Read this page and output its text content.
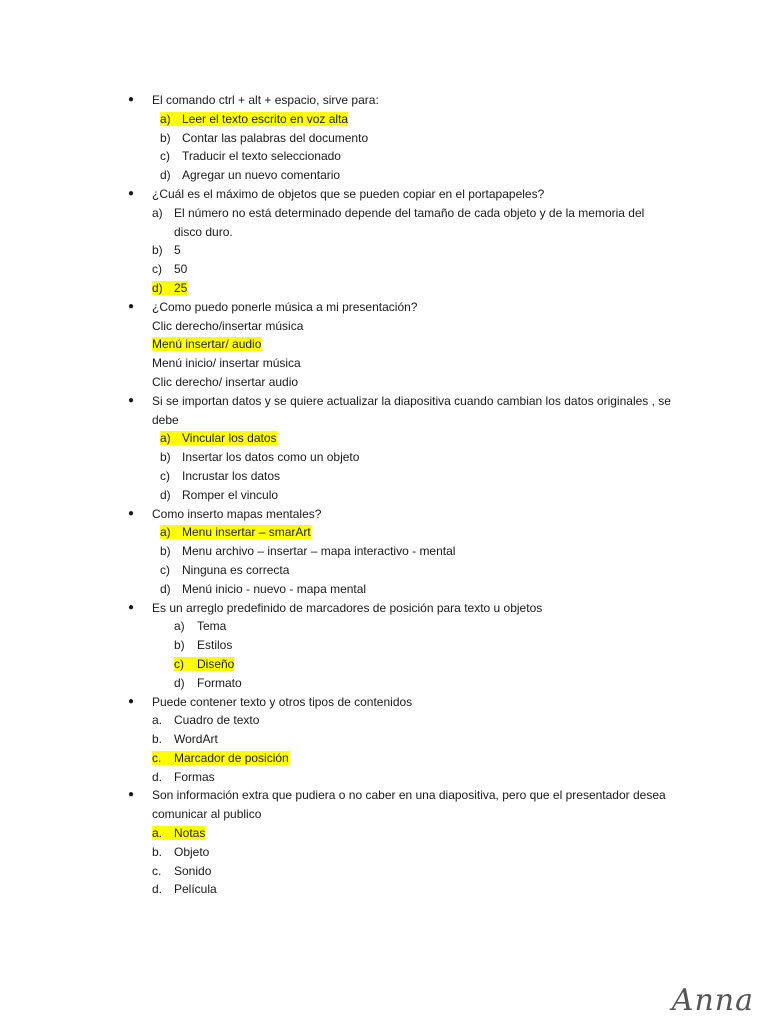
● El comando ctrl + alt + espacio, sirve para:
a) Leer el texto escrito en voz alta
b) Contar las palabras del documento
c) Traducir el texto seleccionado
d) Agregar un nuevo comentario
● ¿Cuál es el máximo de objetos que se pueden copiar en el portapapeles?
a) El número no está determinado depende del tamaño de cada objeto y de la memoria del disco duro.
b) 5
c) 50
d) 25
● ¿Como puedo ponerle música a mi presentación?
Clic derecho/insertar música
Menú insertar/ audio
Menú inicio/ insertar música
Clic derecho/ insertar audio
● Si se importan datos y se quiere actualizar la diapositiva cuando cambian los datos originales , se debe
a) Vincular los datos
b) Insertar los datos como un objeto
c) Incrustar los datos
d) Romper el vinculo
● Como inserto mapas mentales?
a) Menu insertar – smarArt
b) Menu archivo – insertar – mapa interactivo - mental
c) Ninguna es correcta
d) Menú inicio - nuevo - mapa mental
● Es un arreglo predefinido de marcadores de posición para texto u objetos
a) Tema
b) Estilos
c) Diseño
d) Formato
● Puede contener texto y otros tipos de contenidos
a. Cuadro de texto
b. WordArt
c. Marcador de posición
d. Formas
● Son información extra que pudiera o no caber en una diapositiva, pero que el presentador desea comunicar al publico
a. Notas
b. Objeto
c. Sonido
d. Película
Anna
